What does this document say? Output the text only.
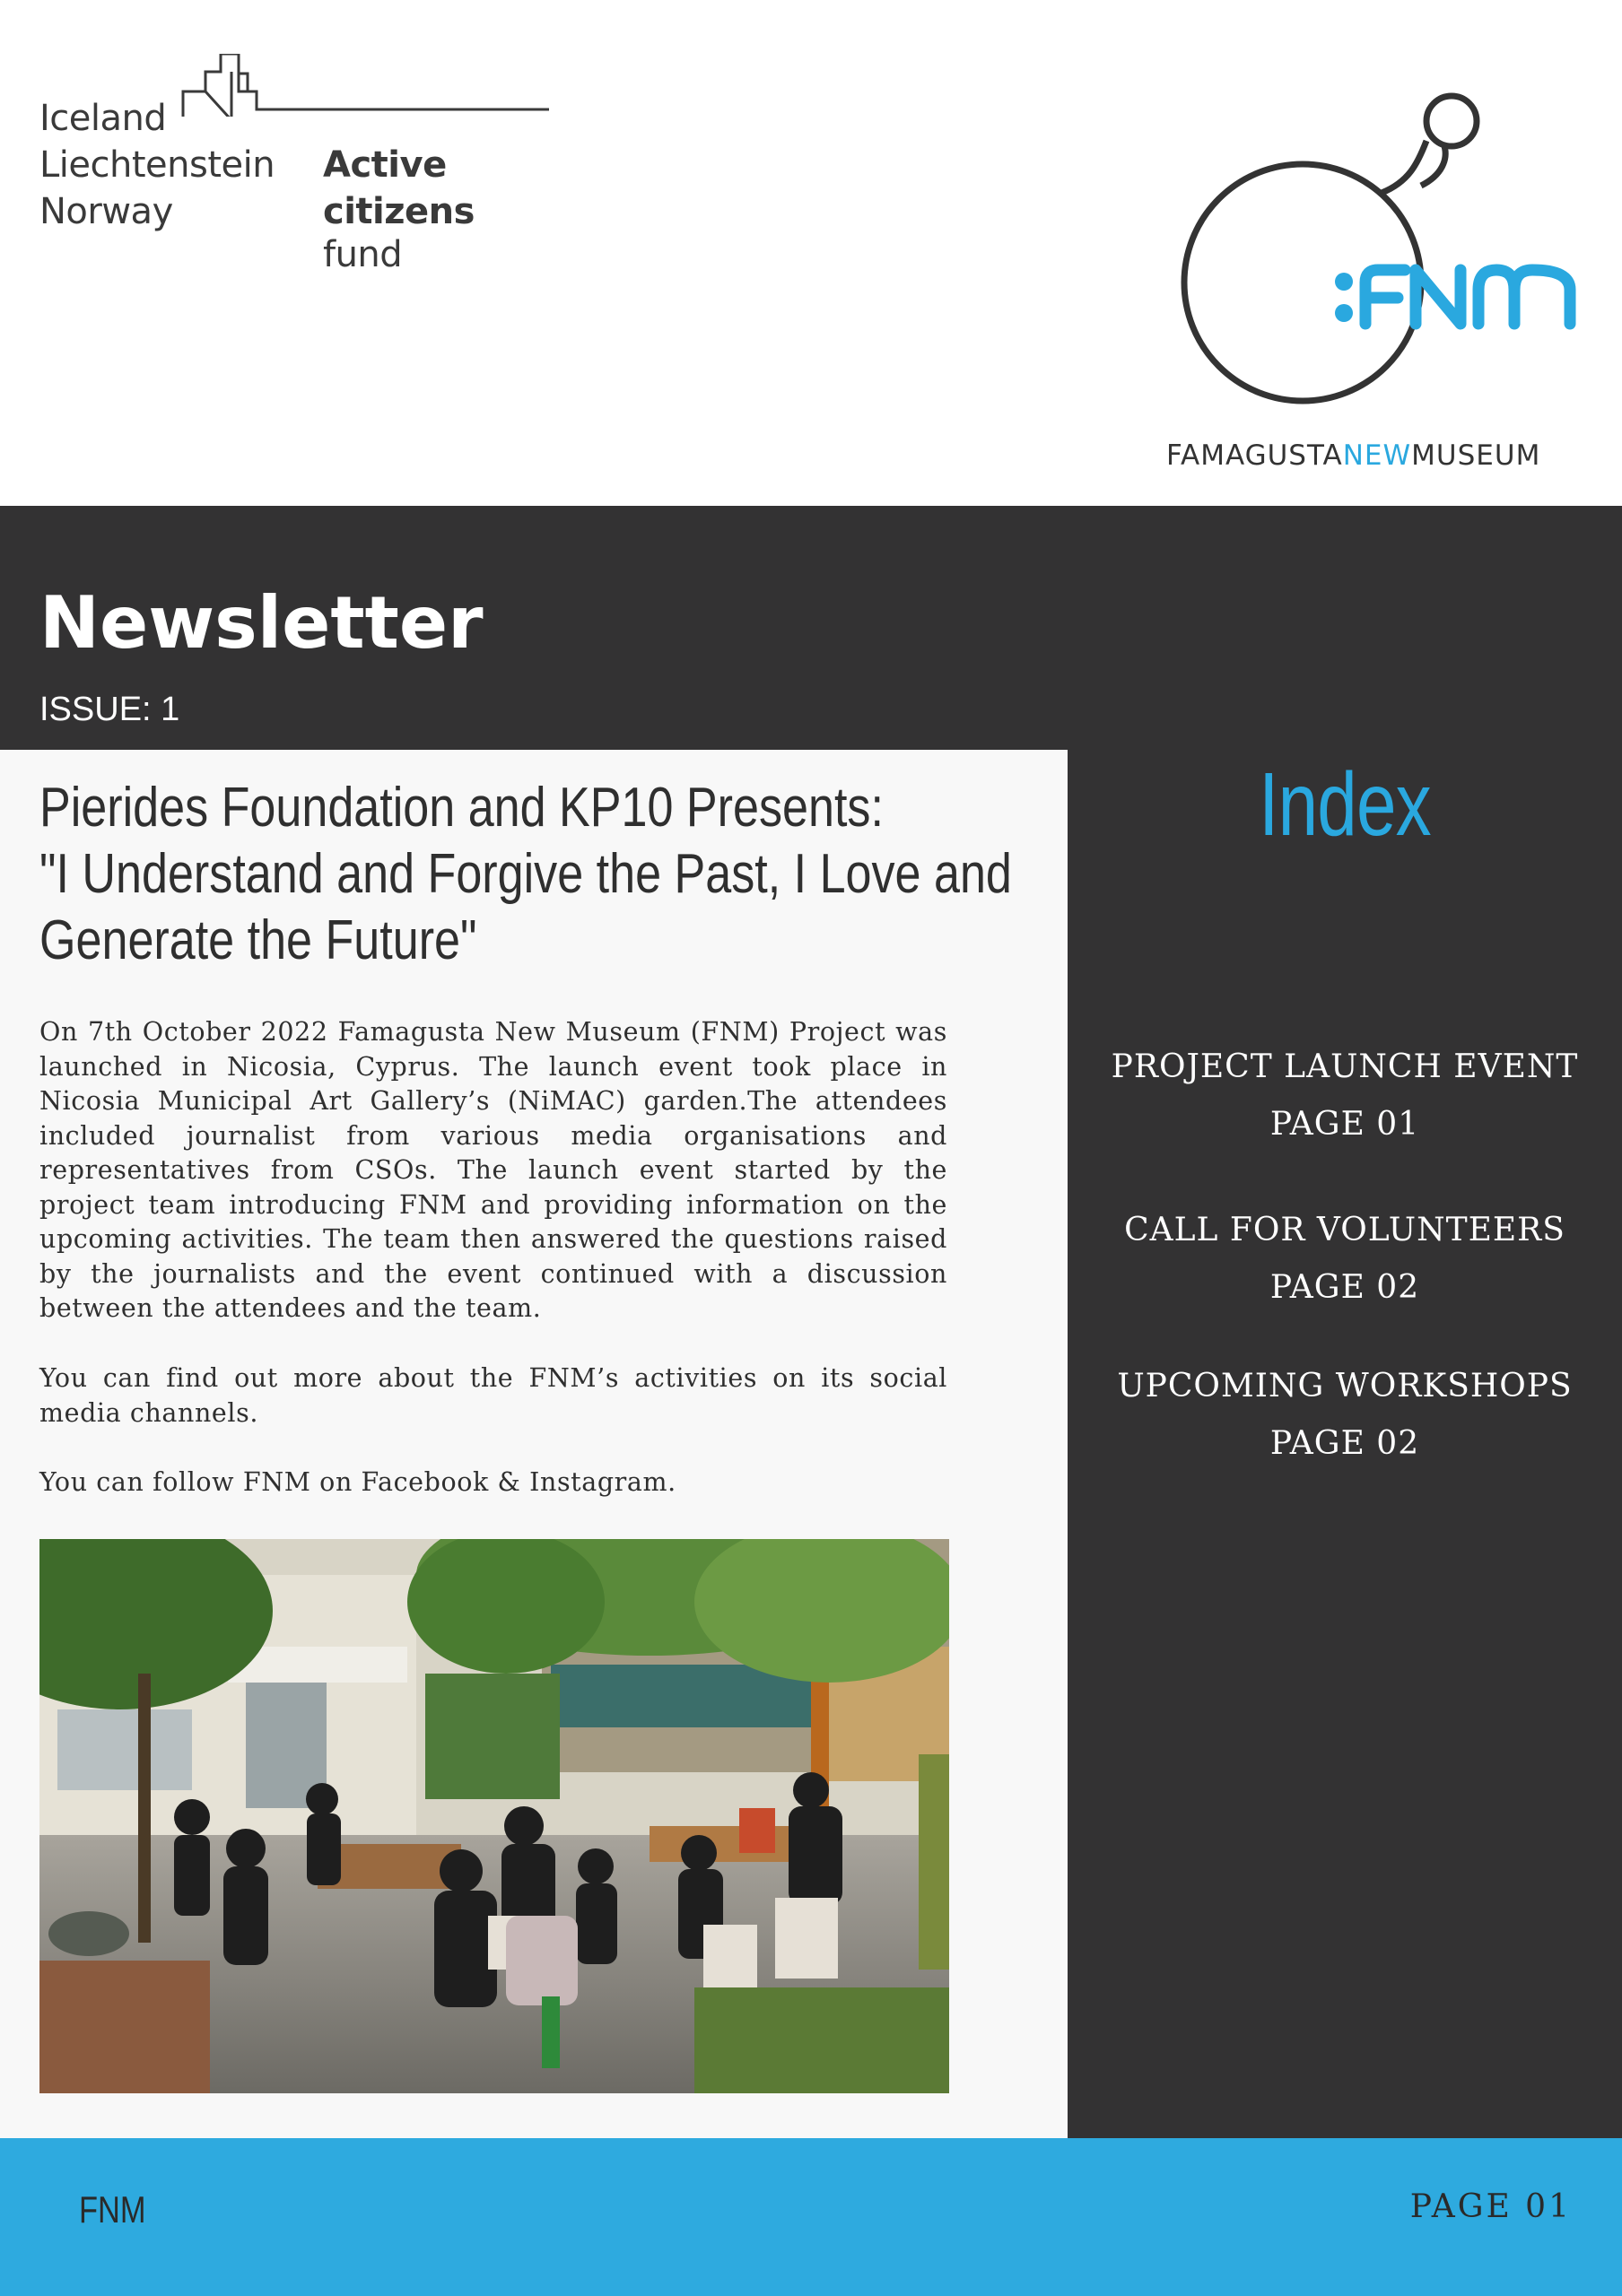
Iceland
Liechtenstein
Norway
Active
citizens fund
FAMAGUSTANEWMUSEUM
Newsletter
ISSUE: 1
Pierides Foundation and KP10 Presents:
"I Understand and Forgive the Past, I Love and
Generate the Future"

On 7th October 2022 Famagusta New Museum (FNM) Project was launched in Nicosia, Cyprus. The launch event took place in Nicosia Municipal Art Gallery’s (NiMAC) garden.The attendees included journalist from various media organisations and representatives from CSOs. The launch event started by the project team introducing FNM and providing information on the upcoming activities. The team then answered the questions raised by the journalists and the event continued with a discussion between the attendees and the team.

You can find out more about the FNM’s activities on its social media channels.

You can follow FNM on Facebook & Instagram.

Index
PROJECT LAUNCH EVENT
PAGE 01
CALL FOR VOLUNTEERS
PAGE 02
UPCOMING WORKSHOPS
PAGE 02
FNM	PAGE 01
